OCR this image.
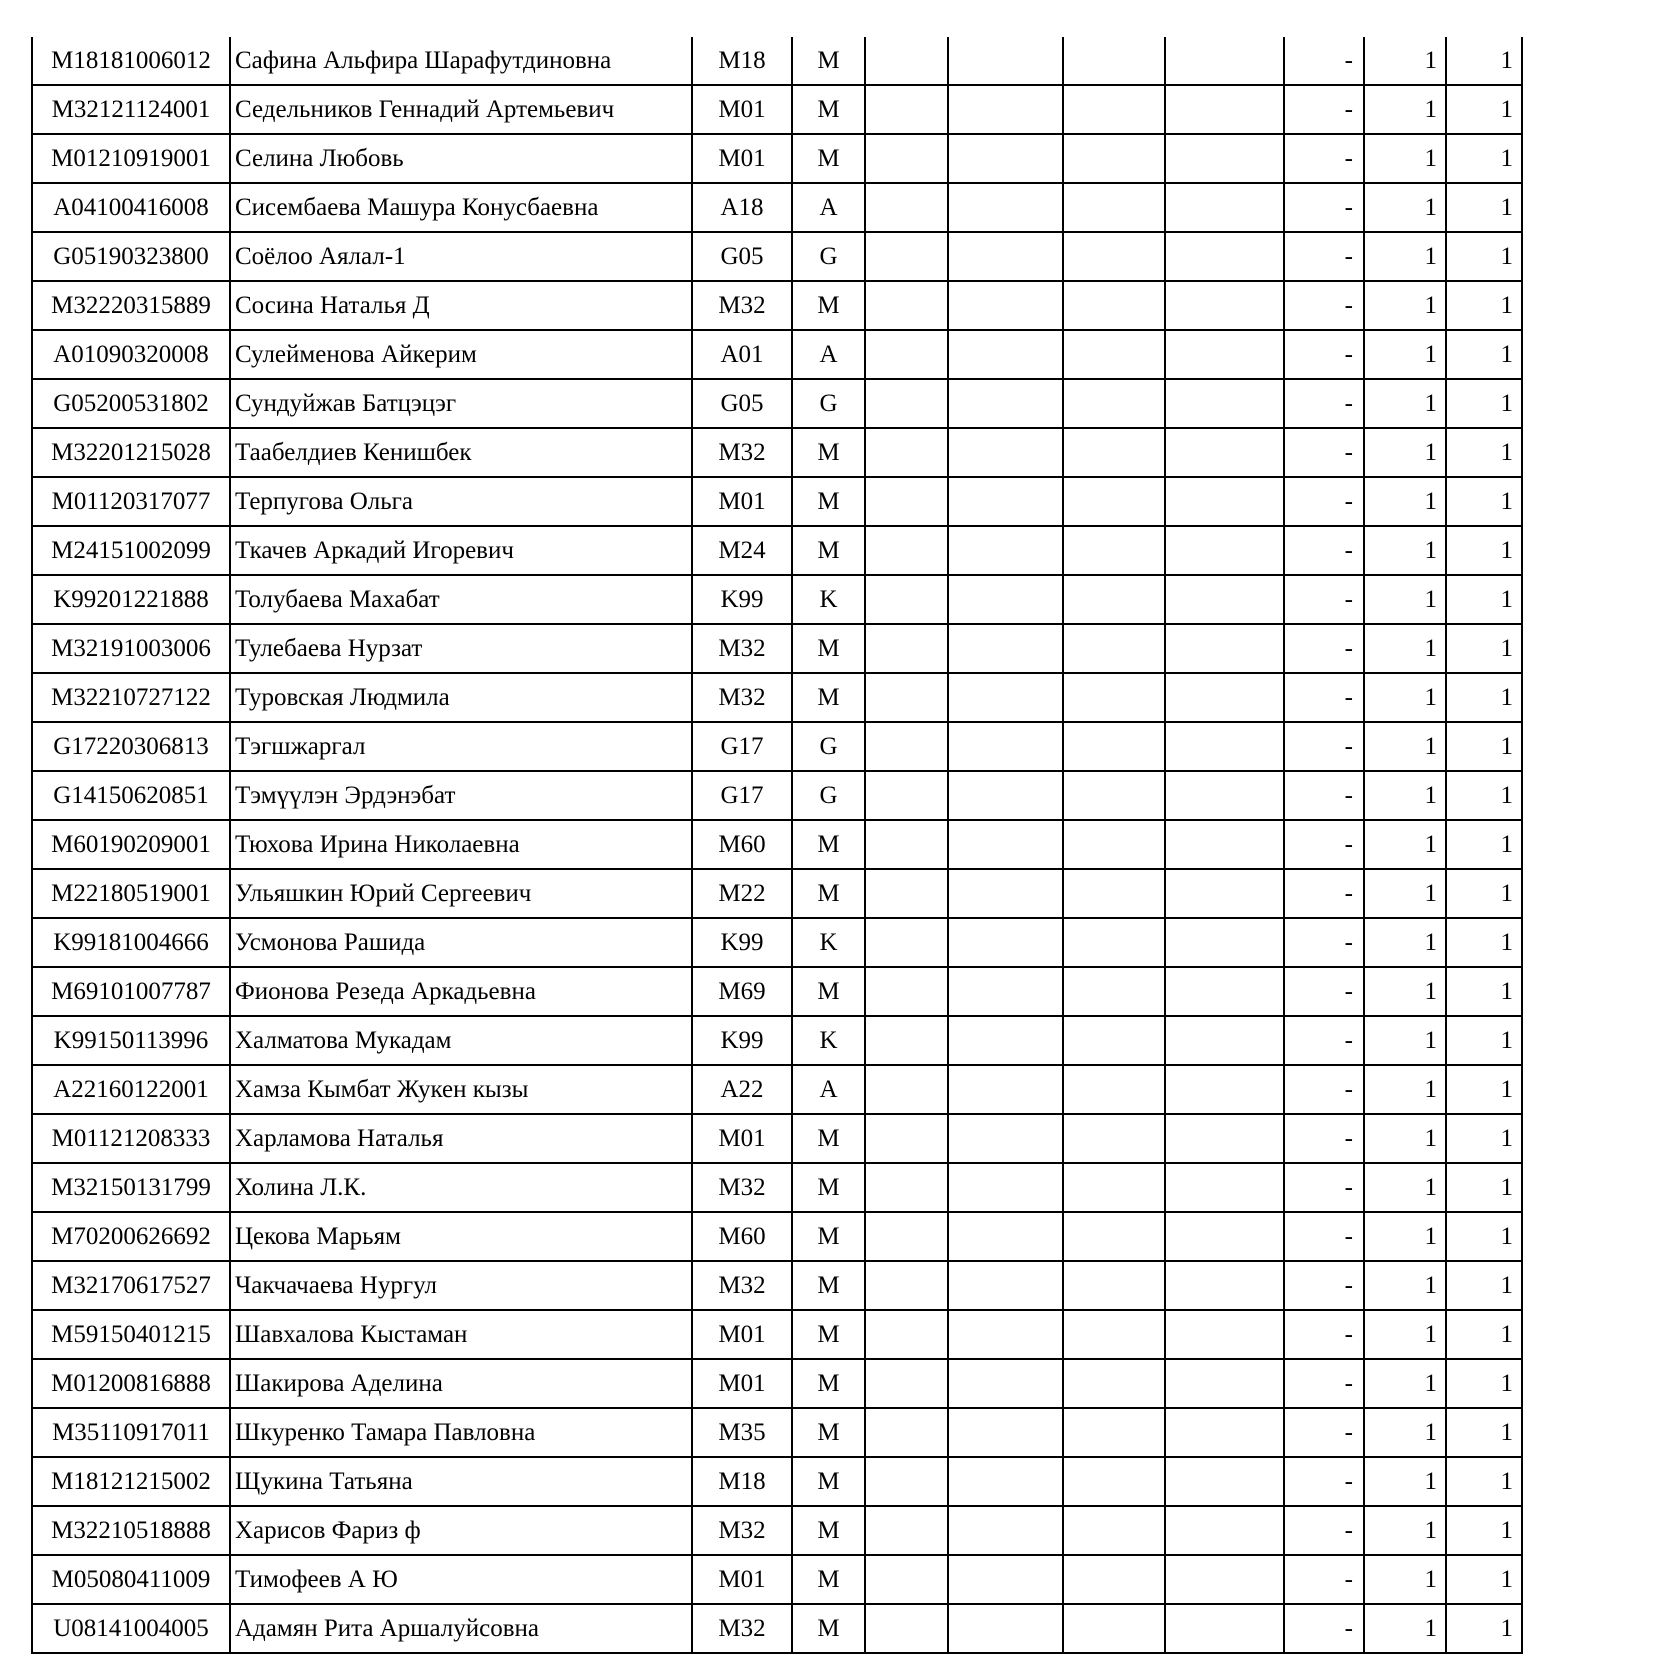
M18181006012	Сафина Альфира Шарафутдиновна	M18	M					-	1	1
M32121124001	Седельников Геннадий Артемьевич	M01	M					-	1	1
M01210919001	Селина Любовь	M01	M					-	1	1
A04100416008	Сисембаева Машура Конусбаевна	A18	A					-	1	1
G05190323800	Соёлоо Аялал-1	G05	G					-	1	1
M32220315889	Сосина Наталья Д	M32	M					-	1	1
A01090320008	Сулейменова Айкерим	A01	A					-	1	1
G05200531802	Сундуйжав Батцэцэг	G05	G					-	1	1
M32201215028	Таабелдиев Кенишбек	M32	M					-	1	1
M01120317077	Терпугова Ольга	M01	M					-	1	1
M24151002099	Ткачев Аркадий Игоревич	M24	M					-	1	1
K99201221888	Толубаева Махабат	K99	K					-	1	1
M32191003006	Тулебаева Нурзат	M32	M					-	1	1
M32210727122	Туровская Людмила	M32	M					-	1	1
G17220306813	Тэгшжаргал	G17	G					-	1	1
G14150620851	Тэмүүлэн Эрдэнэбат	G17	G					-	1	1
M60190209001	Тюхова Ирина Николаевна	M60	M					-	1	1
M22180519001	Ульяшкин Юрий Сергеевич	M22	M					-	1	1
K99181004666	Усмонова Рашида	K99	K					-	1	1
M69101007787	Фионова Резеда Аркадьевна	M69	M					-	1	1
K99150113996	Халматова Мукадам	K99	K					-	1	1
A22160122001	Хамза Кымбат Жукен кызы	A22	A					-	1	1
M01121208333	Харламова Наталья	M01	M					-	1	1
M32150131799	Холина Л.К.	M32	M					-	1	1
M70200626692	Цекова Марьям	M60	M					-	1	1
M32170617527	Чакчачаева Нургул	M32	M					-	1	1
M59150401215	Шавхалова Кыстаман	M01	M					-	1	1
M01200816888	Шакирова Аделина	M01	M					-	1	1
M35110917011	Шкуренко Тамара Павловна	M35	M					-	1	1
M18121215002	Щукина Татьяна	M18	M					-	1	1
M32210518888	Харисов Фариз ф	M32	M					-	1	1
M05080411009	Тимофеев А Ю	M01	M					-	1	1
U08141004005	Адамян Рита Аршалуйсовна	M32	M					-	1	1
